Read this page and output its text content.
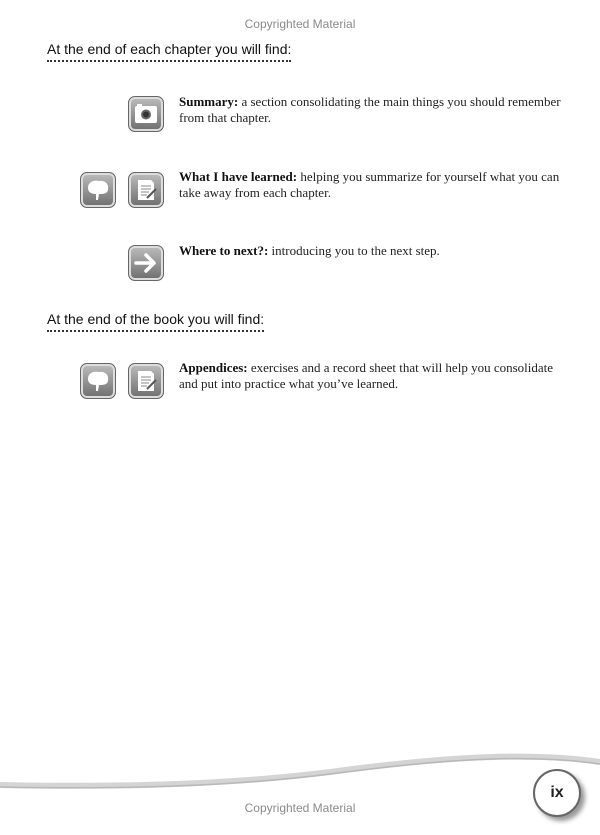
Copyrighted Material
At the end of each chapter you will find:
Summary: a section consolidating the main things you should remember from that chapter.
What I have learned: helping you summarize for yourself what you can take away from each chapter.
Where to next?: introducing you to the next step.
At the end of the book you will find:
Appendices: exercises and a record sheet that will help you consolidate and put into practice what you’ve learned.
ix
Copyrighted Material
